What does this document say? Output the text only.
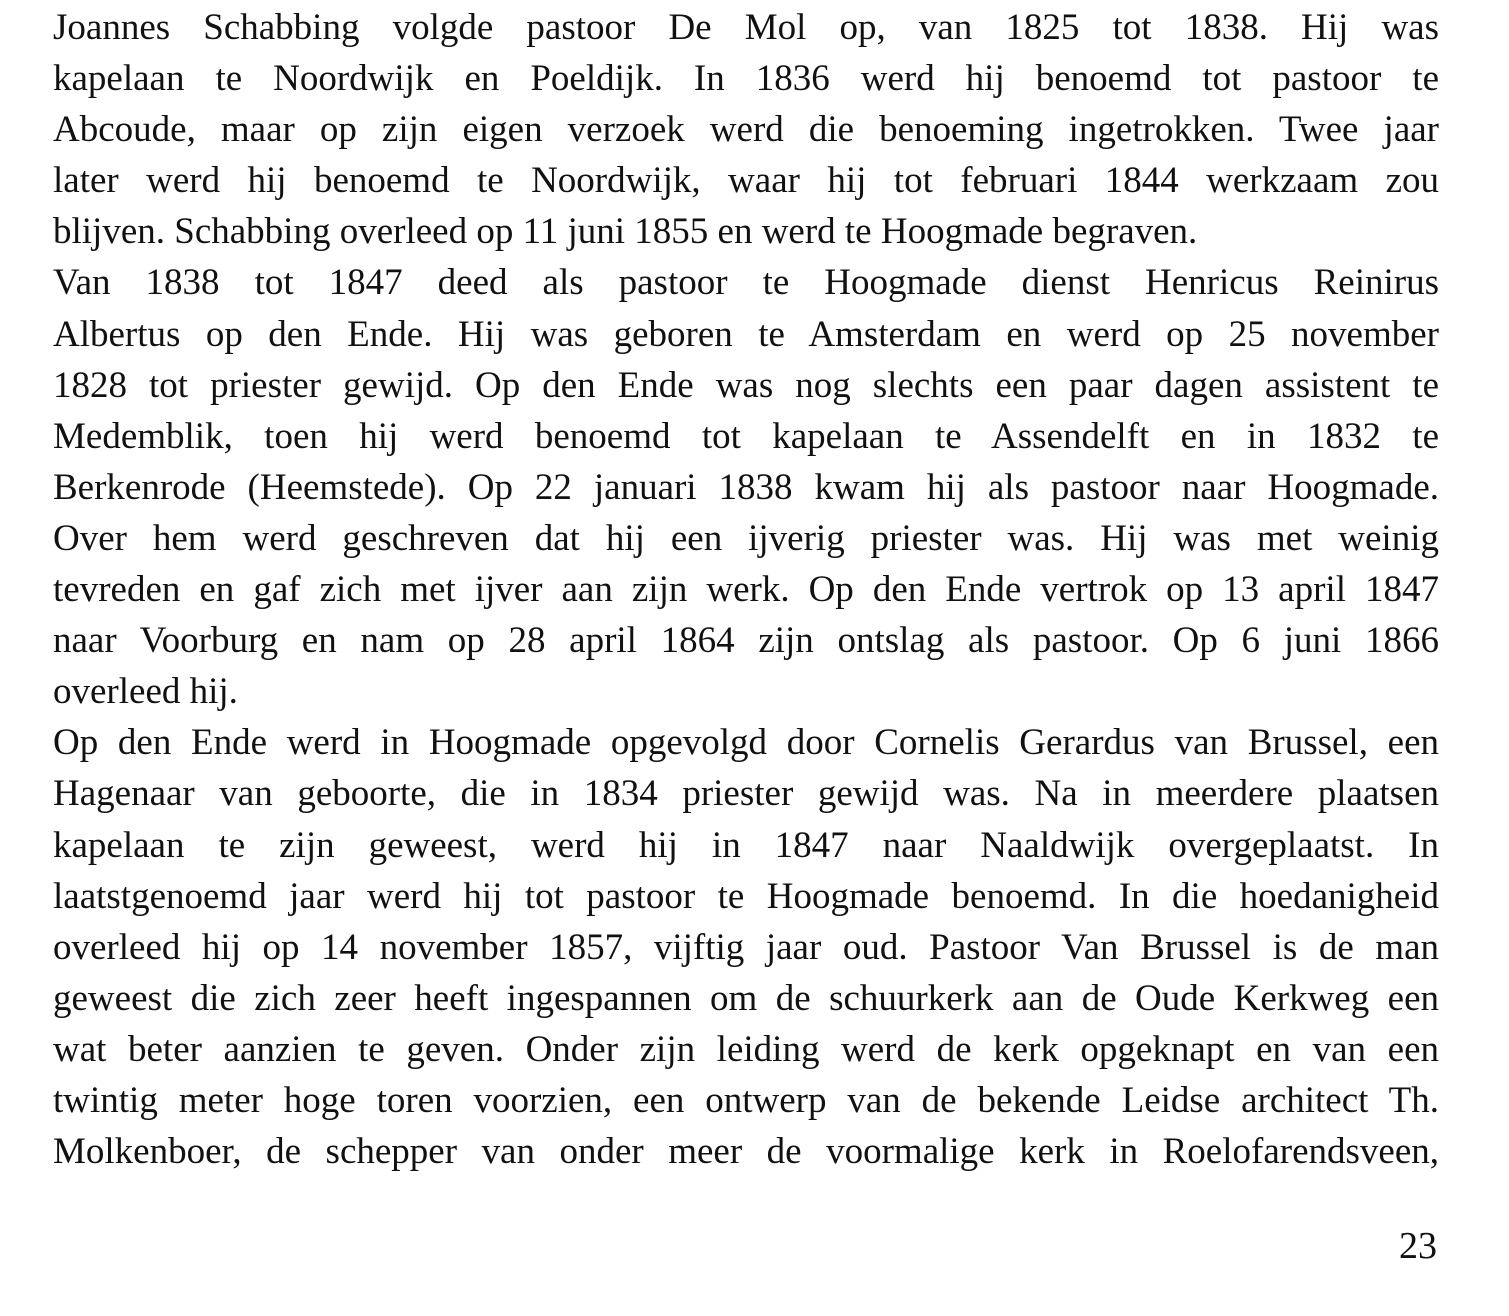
Joannes Schabbing volgde pastoor De Mol op, van 1825 tot 1838. Hij was
kapelaan te Noordwijk en Poeldijk. In 1836 werd hij benoemd tot pastoor te
Abcoude, maar op zijn eigen verzoek werd die benoeming ingetrokken. Twee jaar
later werd hij benoemd te Noordwijk, waar hij tot februari 1844 werkzaam zou
blijven. Schabbing overleed op 11 juni 1855 en werd te Hoogmade begraven.
Van 1838 tot 1847 deed als pastoor te Hoogmade dienst Henricus Reinirus
Albertus op den Ende. Hij was geboren te Amsterdam en werd op 25 november
1828 tot priester gewijd. Op den Ende was nog slechts een paar dagen assistent te
Medemblik, toen hij werd benoemd tot kapelaan te Assendelft en in 1832 te
Berkenrode (Heemstede). Op 22 januari 1838 kwam hij als pastoor naar Hoogmade.
Over hem werd geschreven dat hij een ijverig priester was. Hij was met weinig
tevreden en gaf zich met ijver aan zijn werk. Op den Ende vertrok op 13 april 1847
naar Voorburg en nam op 28 april 1864 zijn ontslag als pastoor. Op 6 juni 1866
overleed hij.
Op den Ende werd in Hoogmade opgevolgd door Cornelis Gerardus van Brussel, een
Hagenaar van geboorte, die in 1834 priester gewijd was. Na in meerdere plaatsen
kapelaan te zijn geweest, werd hij in 1847 naar Naaldwijk overgeplaatst. In
laatstgenoemd jaar werd hij tot pastoor te Hoogmade benoemd. In die hoedanigheid
overleed hij op 14 november 1857, vijftig jaar oud. Pastoor Van Brussel is de man
geweest die zich zeer heeft ingespannen om de schuurkerk aan de Oude Kerkweg een
wat beter aanzien te geven. Onder zijn leiding werd de kerk opgeknapt en van een
twintig meter hoge toren voorzien, een ontwerp van de bekende Leidse architect Th.
Molkenboer, de schepper van onder meer de voormalige kerk in Roelofarendsveen,
23
